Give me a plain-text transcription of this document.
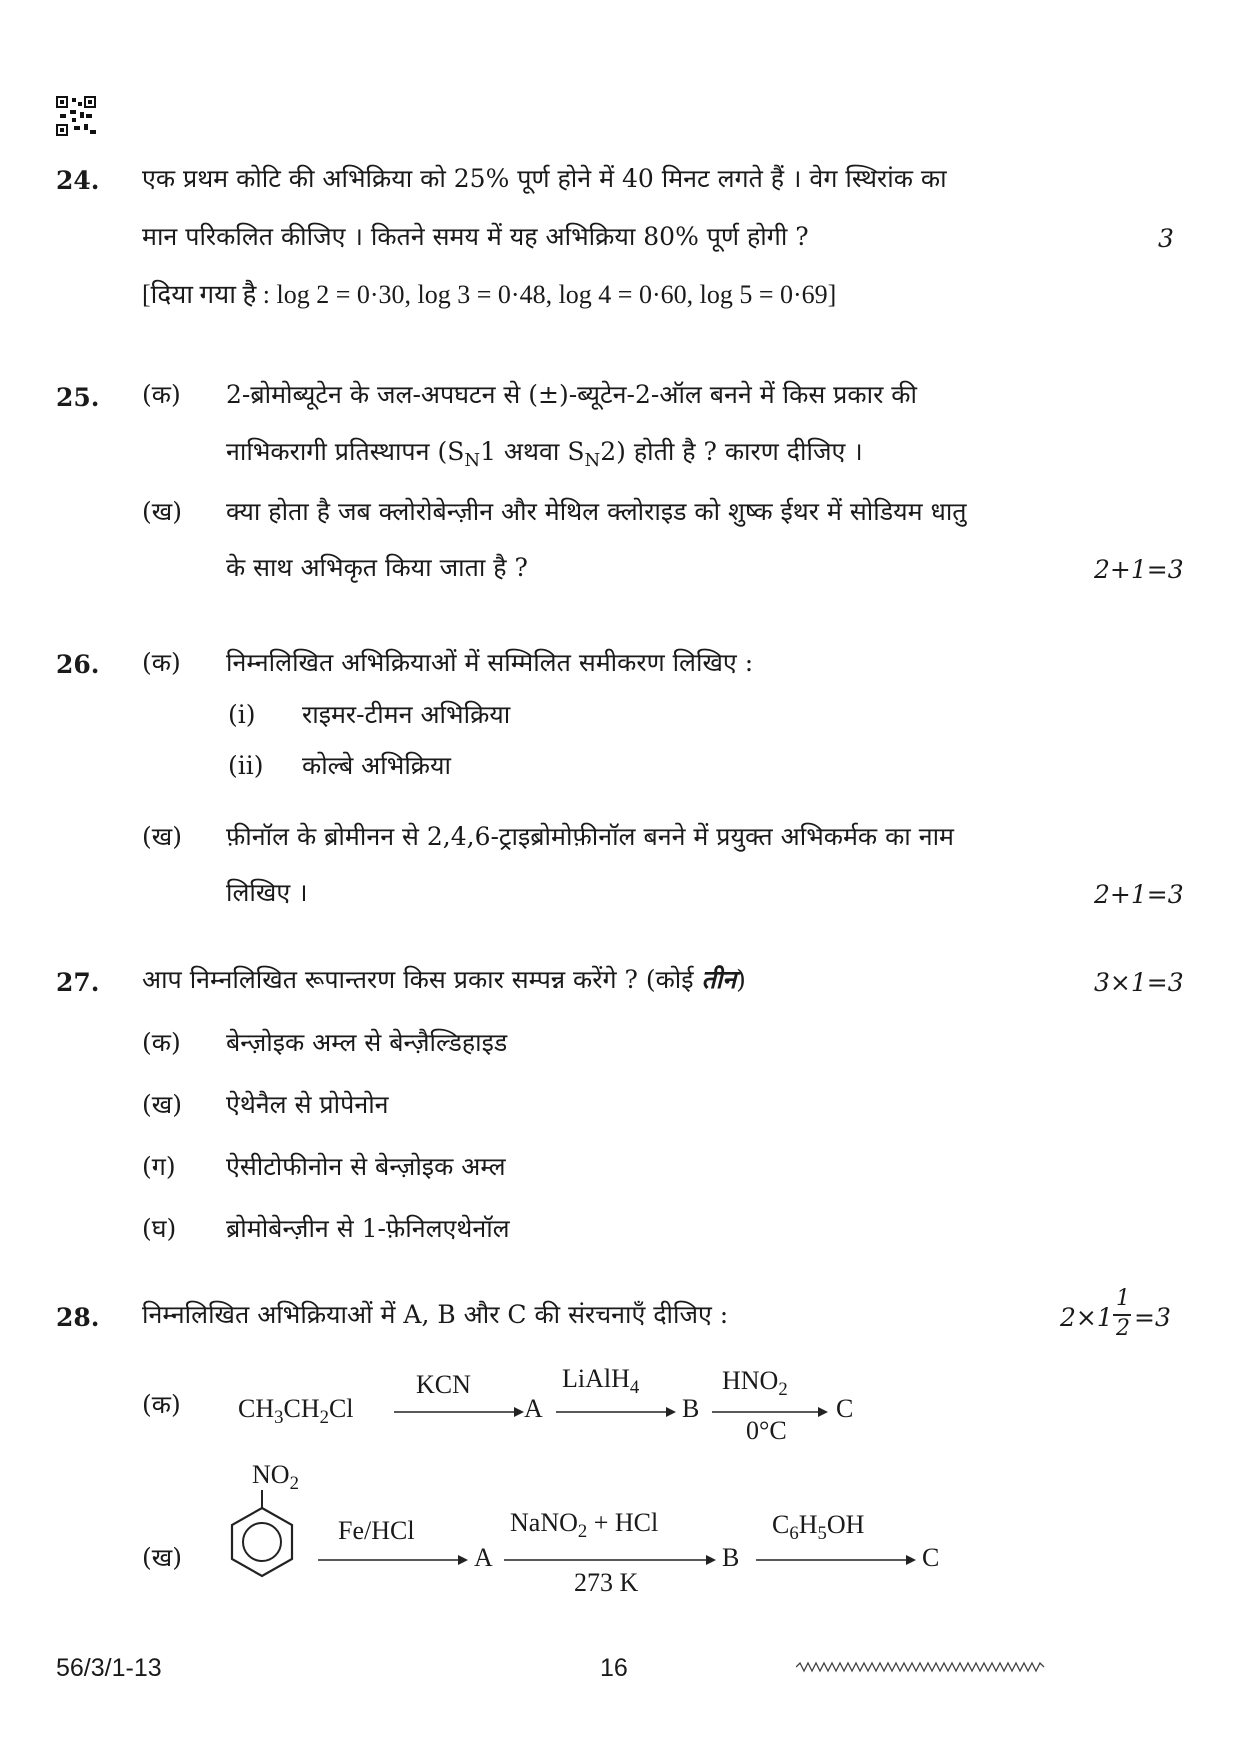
24. एक प्रथम कोटि की अभिक्रिया को 25% पूर्ण होने में 40 मिनट लगते हैं । वेग स्थिरांक का
मान परिकलित कीजिए । कितने समय में यह अभिक्रिया 80% पूर्ण होगी ?	3
[दिया गया है : log 2 = 0·30, log 3 = 0·48, log 4 = 0·60, log 5 = 0·69]
25. (क) 2-ब्रोमोब्यूटेन के जल-अपघटन से (±)-ब्यूटेन-2-ऑल बनने में किस प्रकार की
नाभिकरागी प्रतिस्थापन ($S_N1$ अथवा $S_N2$) होती है ? कारण दीजिए ।
(ख) क्या होता है जब क्लोरोबेन्ज़ीन और मेथिल क्लोराइड को शुष्क ईथर में सोडियम धातु
के साथ अभिकृत किया जाता है ?	2+1=3
26. (क) निम्नलिखित अभिक्रियाओं में सम्मिलित समीकरण लिखिए :
(i) राइमर-टीमन अभिक्रिया
(ii) कोल्बे अभिक्रिया
(ख) फ़ीनॉल के ब्रोमीनन से 2,4,6-ट्राइब्रोमोफ़ीनॉल बनने में प्रयुक्त अभिकर्मक का नाम
लिखिए ।	2+1=3
27. आप निम्नलिखित रूपान्तरण किस प्रकार सम्पन्न करेंगे ? (कोई तीन)	3×1=3
(क) बेन्ज़ोइक अम्ल से बेन्ज़ैल्डिहाइड
(ख) ऐथेनैल से प्रोपेनोन
(ग) ऐसीटोफीनोन से बेन्ज़ोइक अम्ल
(घ) ब्रोमोबेन्ज़ीन से 1-फ़ेनिलएथेनॉल
28. निम्नलिखित अभिक्रियाओं में A, B और C की संरचनाएँ दीजिए :	2×1
1
2 =3
(क) $CH_3CH_2Cl$
KCN
A
LiAlH$_4$
B
$HNO_2$
0°C
C
(ख)
$NO_2$
Fe/HCl
A
NaNO$_2$ + HCl
273 K
B
$C_6H_5OH$
C
56/3/1-13	16
